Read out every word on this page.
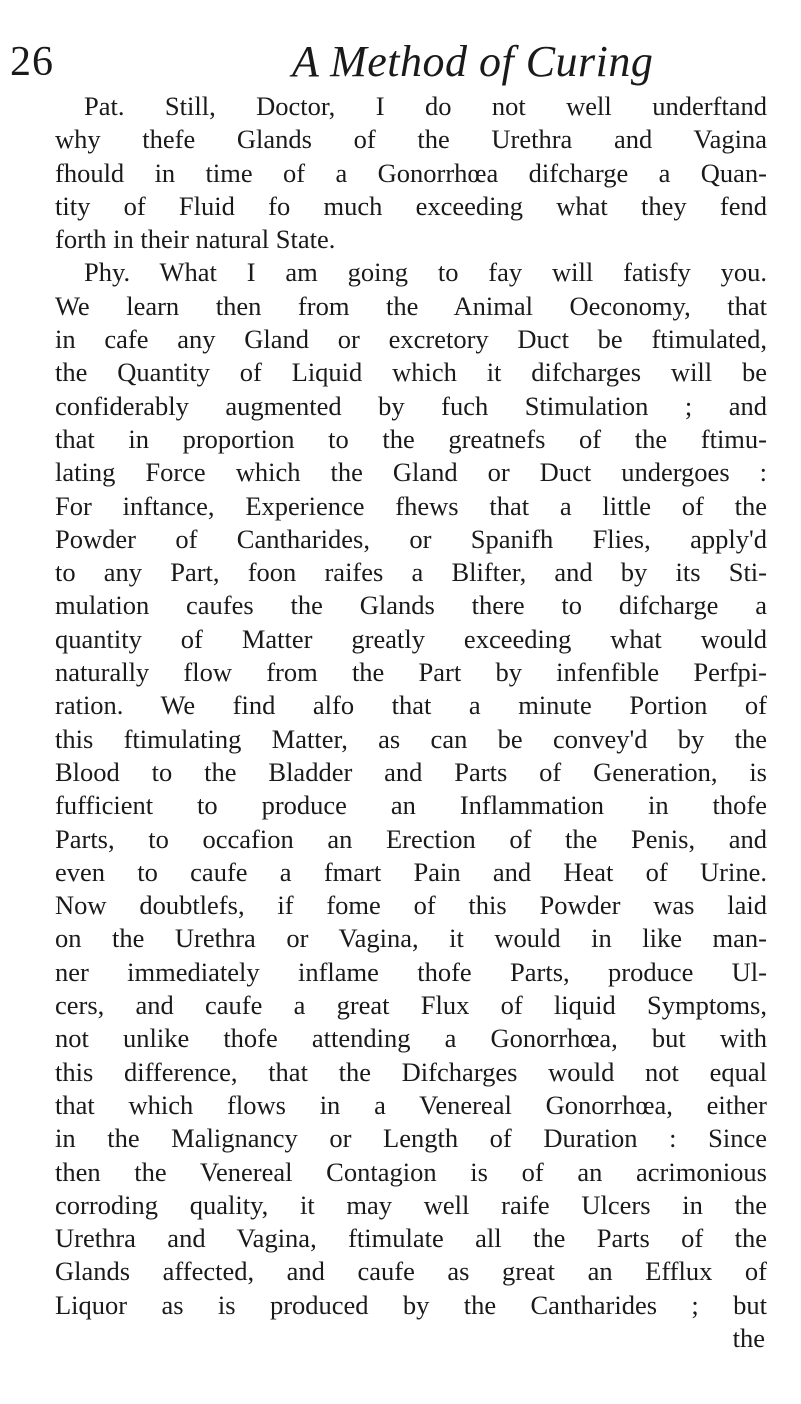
26	A Method of Curing
Pat. Still, Doctor, I do not well underftand
why thefe Glands of the Urethra and Vagina
fhould in time of a Gonorrhœa difcharge a Quan-
tity of Fluid fo much exceeding what they fend
forth in their natural State.
Phy. What I am going to fay will fatisfy you.
We learn then from the Animal Oeconomy, that
in cafe any Gland or excretory Duct be ftimulated,
the Quantity of Liquid which it difcharges will be
confiderably augmented by fuch Stimulation ; and
that in proportion to the greatnefs of the ftimu-
lating Force which the Gland or Duct undergoes :
For inftance, Experience fhews that a little of the
Powder of Cantharides, or Spanifh Flies, apply'd
to any Part, foon raifes a Blifter, and by its Sti-
mulation caufes the Glands there to difcharge a
quantity of Matter greatly exceeding what would
naturally flow from the Part by infenfible Perfpi-
ration. We find alfo that a minute Portion of
this ftimulating Matter, as can be convey'd by the
Blood to the Bladder and Parts of Generation, is
fufficient to produce an Inflammation in thofe
Parts, to occafion an Erection of the Penis, and
even to caufe a fmart Pain and Heat of Urine.
Now doubtlefs, if fome of this Powder was laid
on the Urethra or Vagina, it would in like man-
ner immediately inflame thofe Parts, produce Ul-
cers, and caufe a great Flux of liquid Symptoms,
not unlike thofe attending a Gonorrhœa, but with
this difference, that the Difcharges would not equal
that which flows in a Venereal Gonorrhœa, either
in the Malignancy or Length of Duration : Since
then the Venereal Contagion is of an acrimonious
corroding quality, it may well raife Ulcers in the
Urethra and Vagina, ftimulate all the Parts of the
Glands affected, and caufe as great an Efflux of
Liquor as is produced by the Cantharides ; but
the
